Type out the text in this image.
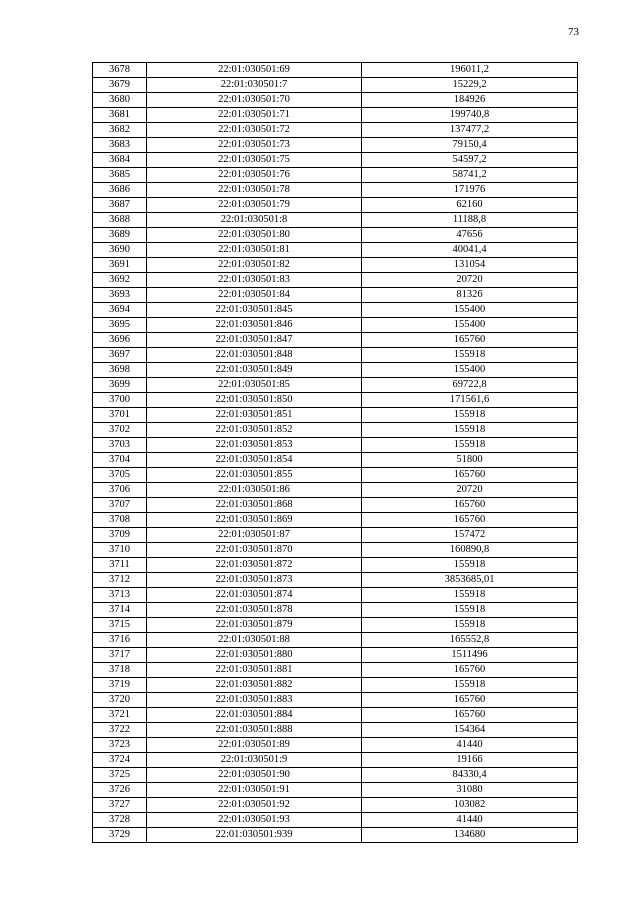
73
3678	22:01:030501:69	196011,2
3679	22:01:030501:7	15229,2
3680	22:01:030501:70	184926
3681	22:01:030501:71	199740,8
3682	22:01:030501:72	137477,2
3683	22:01:030501:73	79150,4
3684	22:01:030501:75	54597,2
3685	22:01:030501:76	58741,2
3686	22:01:030501:78	171976
3687	22:01:030501:79	62160
3688	22:01:030501:8	11188,8
3689	22:01:030501:80	47656
3690	22:01:030501:81	40041,4
3691	22:01:030501:82	131054
3692	22:01:030501:83	20720
3693	22:01:030501:84	81326
3694	22:01:030501:845	155400
3695	22:01:030501:846	155400
3696	22:01:030501:847	165760
3697	22:01:030501:848	155918
3698	22:01:030501:849	155400
3699	22:01:030501:85	69722,8
3700	22:01:030501:850	171561,6
3701	22:01:030501:851	155918
3702	22:01:030501:852	155918
3703	22:01:030501:853	155918
3704	22:01:030501:854	51800
3705	22:01:030501:855	165760
3706	22:01:030501:86	20720
3707	22:01:030501:868	165760
3708	22:01:030501:869	165760
3709	22:01:030501:87	157472
3710	22:01:030501:870	160890,8
3711	22:01:030501:872	155918
3712	22:01:030501:873	3853685,01
3713	22:01:030501:874	155918
3714	22:01:030501:878	155918
3715	22:01:030501:879	155918
3716	22:01:030501:88	165552,8
3717	22:01:030501:880	1511496
3718	22:01:030501:881	165760
3719	22:01:030501:882	155918
3720	22:01:030501:883	165760
3721	22:01:030501:884	165760
3722	22:01:030501:888	154364
3723	22:01:030501:89	41440
3724	22:01:030501:9	19166
3725	22:01:030501:90	84330,4
3726	22:01:030501:91	31080
3727	22:01:030501:92	103082
3728	22:01:030501:93	41440
3729	22:01:030501:939	134680
